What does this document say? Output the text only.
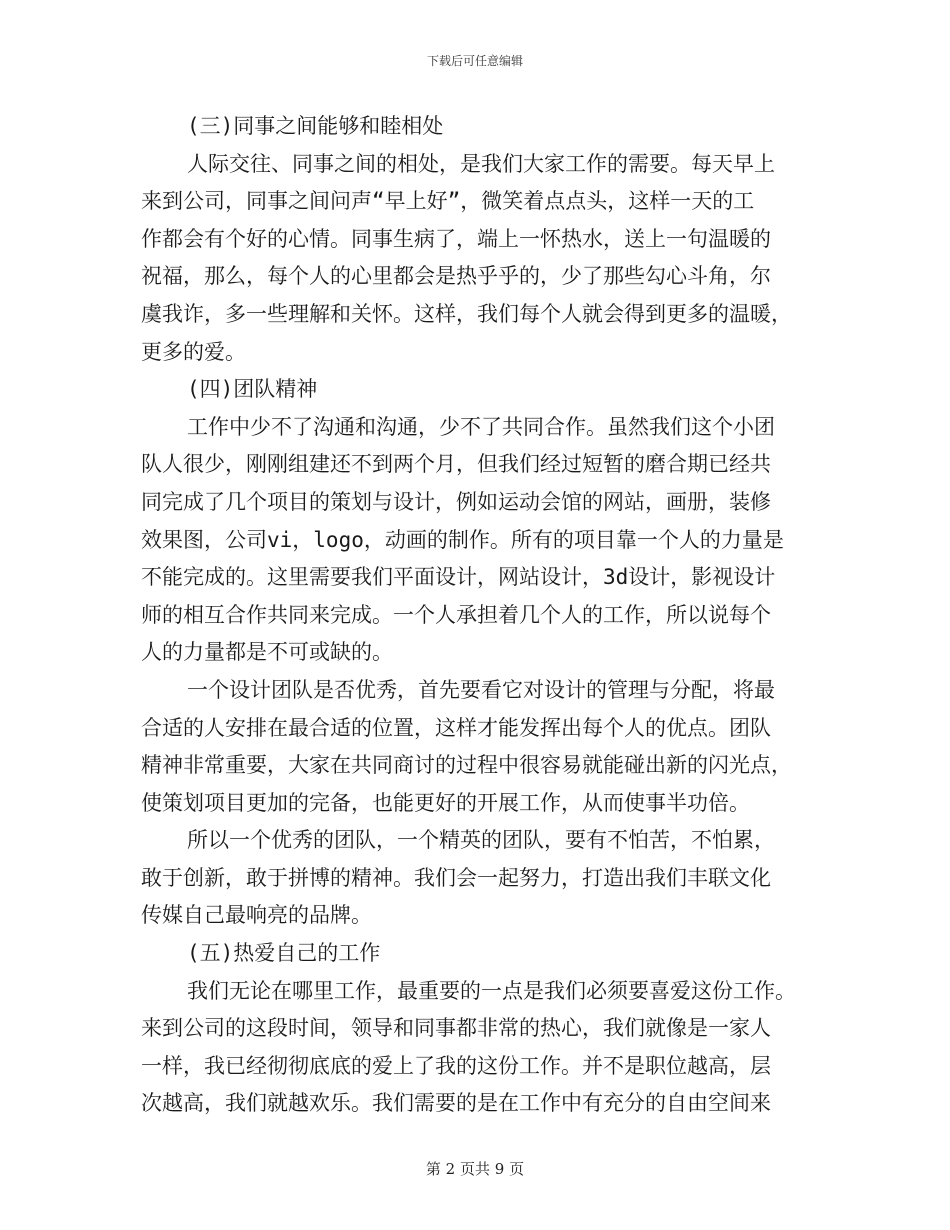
下载后可任意编辑
(三)同事之间能够和睦相处
人际交往、同事之间的相处，是我们大家工作的需要。每天早上
来到公司，同事之间问声“早上好”，微笑着点点头，这样一天的工
作都会有个好的心情。同事生病了，端上一怀热水，送上一句温暖的
祝福，那么，每个人的心里都会是热乎乎的，少了那些勾心斗角，尔
虞我诈，多一些理解和关怀。这样，我们每个人就会得到更多的温暖，
更多的爱。
(四)团队精神
工作中少不了沟通和沟通，少不了共同合作。虽然我们这个小团
队人很少，刚刚组建还不到两个月，但我们经过短暂的磨合期已经共
同完成了几个项目的策划与设计，例如运动会馆的网站，画册，装修
效果图，公司vi，logo，动画的制作。所有的项目靠一个人的力量是
不能完成的。这里需要我们平面设计，网站设计，3d设计，影视设计
师的相互合作共同来完成。一个人承担着几个人的工作，所以说每个
人的力量都是不可或缺的。
一个设计团队是否优秀，首先要看它对设计的管理与分配，将最
合适的人安排在最合适的位置，这样才能发挥出每个人的优点。团队
精神非常重要，大家在共同商讨的过程中很容易就能碰出新的闪光点，
使策划项目更加的完备，也能更好的开展工作，从而使事半功倍。
所以一个优秀的团队，一个精英的团队，要有不怕苦，不怕累，
敢于创新，敢于拼博的精神。我们会一起努力，打造出我们丰联文化
传媒自己最响亮的品牌。
(五)热爱自己的工作
我们无论在哪里工作，最重要的一点是我们必须要喜爱这份工作。
来到公司的这段时间，领导和同事都非常的热心，我们就像是一家人
一样，我已经彻彻底底的爱上了我的这份工作。并不是职位越高，层
次越高，我们就越欢乐。我们需要的是在工作中有充分的自由空间来
第 2 页共 9 页
